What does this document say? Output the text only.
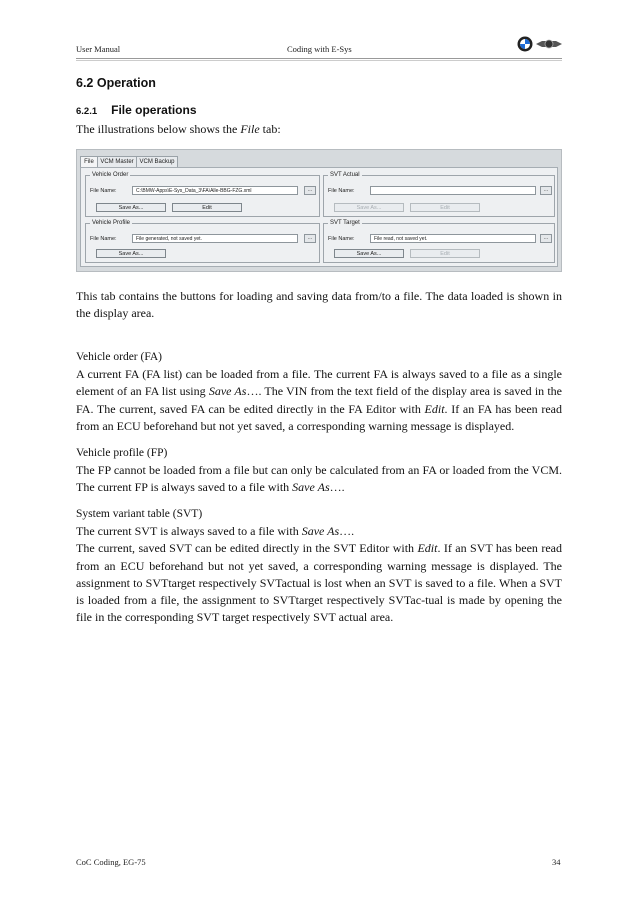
User Manual	Coding with E-Sys
6.2 Operation
6.2.1 File operations
The illustrations below shows the File tab:
File	VCM Master VCM Backup
Vehicle Order
File Name:	C:\BMW-Apps\E-Sys_Data_3\FA\Alle-BBG-FZG.xml	...
Save As...	Edit
Vehicle Profile
File Name:	File generated, not saved yet.	...
Save As...
SVT Actual
File Name:	...
Save As...	Edit
SVT Target
File Name:	File read, not saved yet.	...
Save As...	Edit

This tab contains the buttons for loading and saving data from/to a file. The data loaded is shown in the display area.

Vehicle order (FA)
A current FA (FA list) can be loaded from a file. The current FA is always saved to a file as a single element of an FA list using Save As…. The VIN from the text field of the display area is saved in the FA. The current, saved FA can be edited directly in the FA Editor with Edit. If an FA has been read from an ECU beforehand but not yet saved, a corresponding warning message is displayed.

Vehicle profile (FP)
The FP cannot be loaded from a file but can only be calculated from an FA or loaded from the VCM. The current FP is always saved to a file with Save As….

System variant table (SVT)
The current SVT is always saved to a file with Save As….
The current, saved SVT can be edited directly in the SVT Editor with Edit. If an SVT has been read from an ECU beforehand but not yet saved, a corresponding warning message is displayed. The assignment to SVTtarget respectively SVTactual is lost when an SVT is saved to a file. When a SVT is loaded from a file, the assignment to SVTtarget respectively SVTac-tual is made by opening the file in the corresponding SVT target respectively SVT actual area.

CoC Coding, EG-75	34
